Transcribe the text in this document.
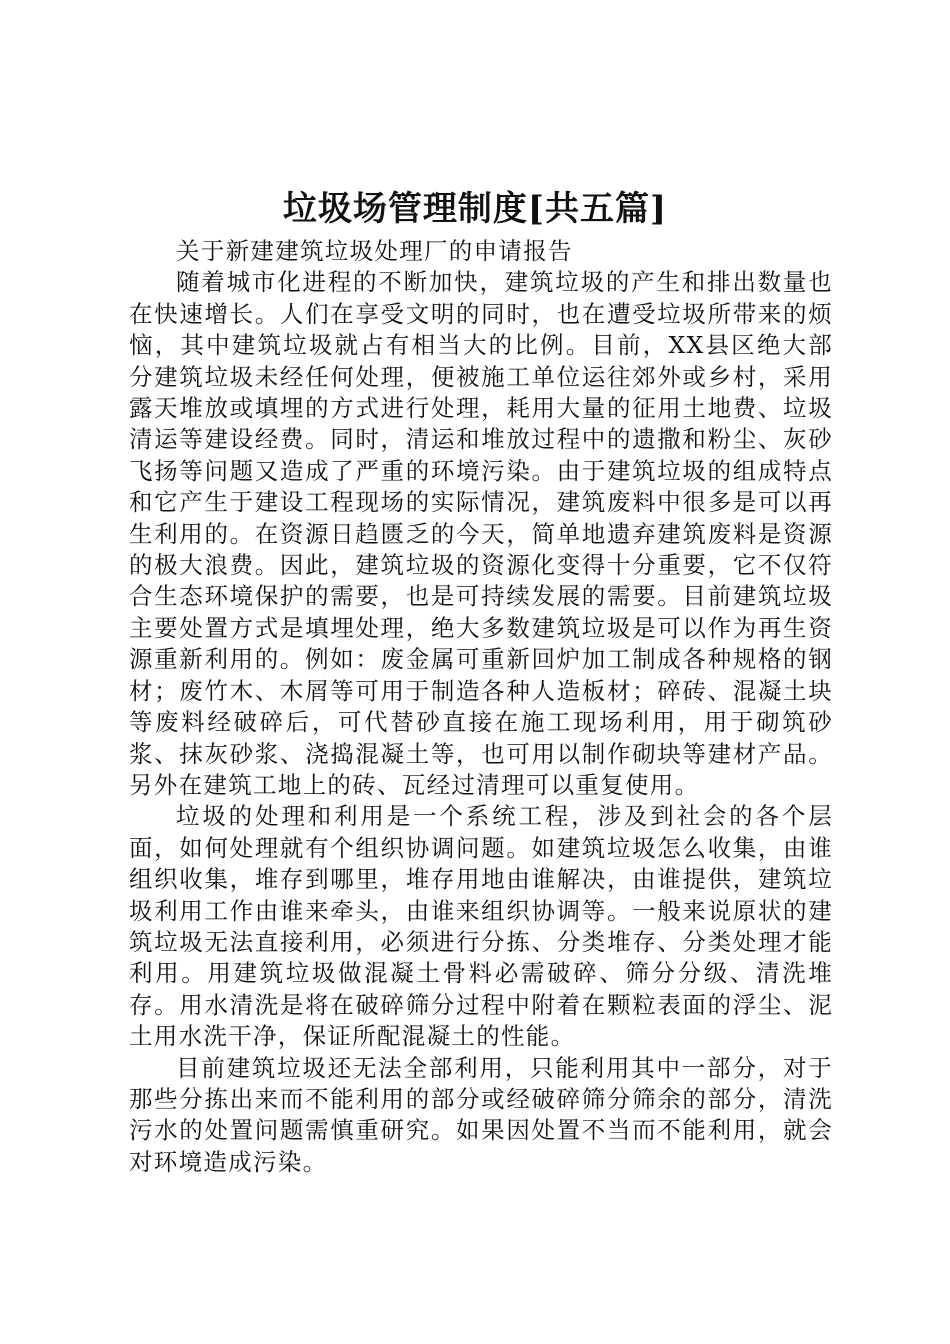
垃圾场管理制度[共五篇]

关于新建建筑垃圾处理厂的申请报告

随着城市化进程的不断加快，建筑垃圾的产生和排出数量也在快速增长。人们在享受文明的同时，也在遭受垃圾所带来的烦恼，其中建筑垃圾就占有相当大的比例。目前，XX县区绝大部分建筑垃圾未经任何处理，便被施工单位运往郊外或乡村，采用露天堆放或填埋的方式进行处理，耗用大量的征用土地费、垃圾清运等建设经费。同时，清运和堆放过程中的遗撒和粉尘、灰砂飞扬等问题又造成了严重的环境污染。由于建筑垃圾的组成特点和它产生于建设工程现场的实际情况，建筑废料中很多是可以再生利用的。在资源日趋匮乏的今天，简单地遗弃建筑废料是资源的极大浪费。因此，建筑垃圾的资源化变得十分重要，它不仅符合生态环境保护的需要，也是可持续发展的需要。目前建筑垃圾主要处置方式是填埋处理，绝大多数建筑垃圾是可以作为再生资源重新利用的。例如：废金属可重新回炉加工制成各种规格的钢材；废竹木、木屑等可用于制造各种人造板材；碎砖、混凝土块等废料经破碎后，可代替砂直接在施工现场利用，用于砌筑砂浆、抹灰砂浆、浇捣混凝土等，也可用以制作砌块等建材产品。另外在建筑工地上的砖、瓦经过清理可以重复使用。

垃圾的处理和利用是一个系统工程，涉及到社会的各个层面，如何处理就有个组织协调问题。如建筑垃圾怎么收集，由谁组织收集，堆存到哪里，堆存用地由谁解决，由谁提供，建筑垃圾利用工作由谁来牵头，由谁来组织协调等。一般来说原状的建筑垃圾无法直接利用，必须进行分拣、分类堆存、分类处理才能利用。用建筑垃圾做混凝土骨料必需破碎、筛分分级、清洗堆存。用水清洗是将在破碎筛分过程中附着在颗粒表面的浮尘、泥土用水洗干净，保证所配混凝土的性能。

目前建筑垃圾还无法全部利用，只能利用其中一部分，对于那些分拣出来而不能利用的部分或经破碎筛分筛余的部分，清洗污水的处置问题需慎重研究。如果因处置不当而不能利用，就会对环境造成污染。
